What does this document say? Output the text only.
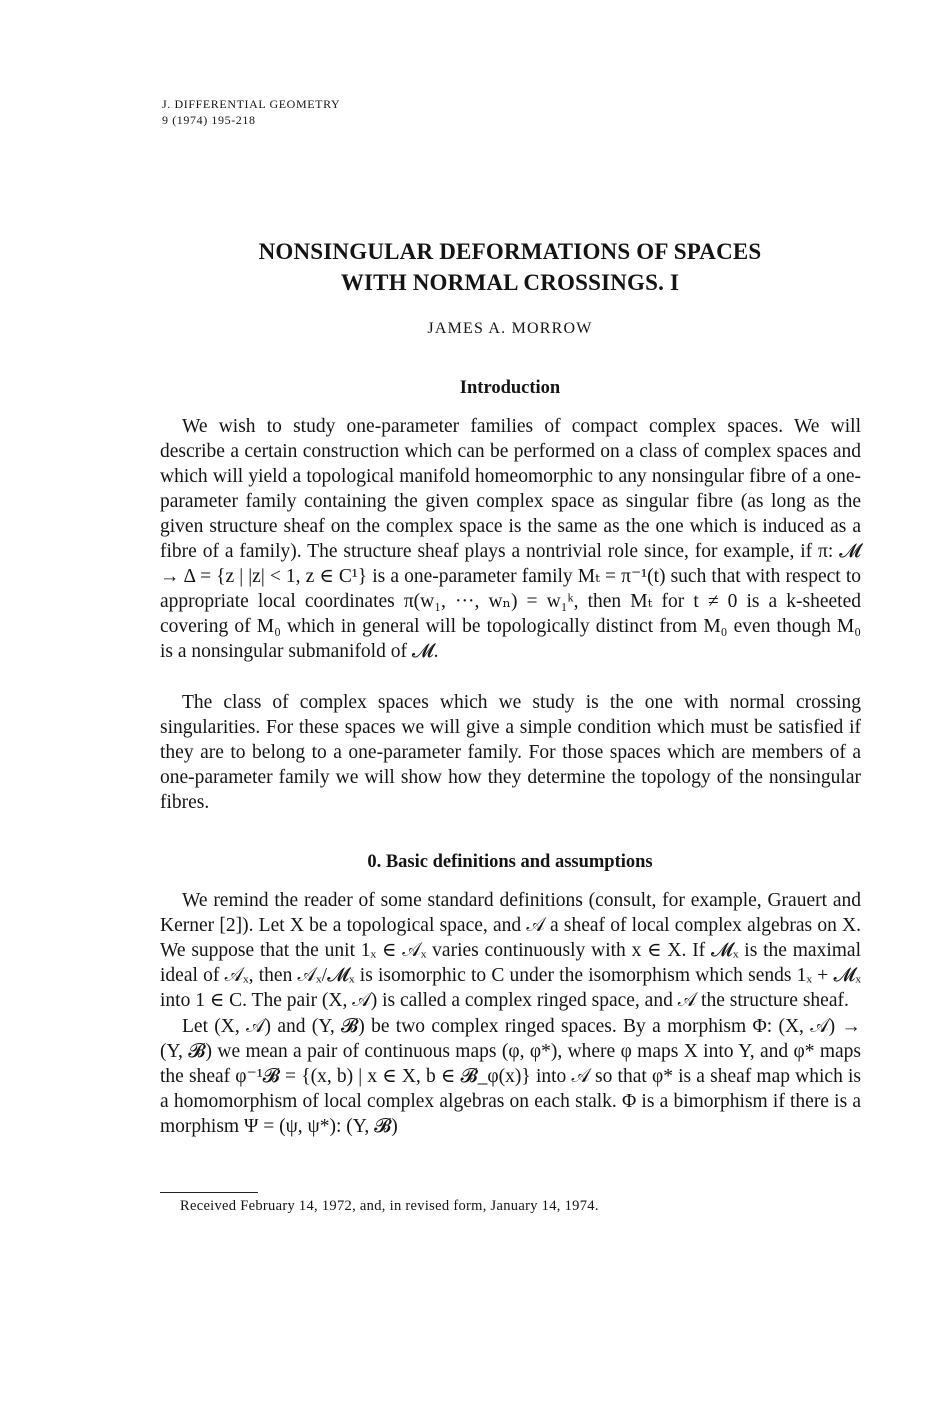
J. DIFFERENTIAL GEOMETRY
9 (1974) 195-218
NONSINGULAR DEFORMATIONS OF SPACES
WITH NORMAL CROSSINGS. I
JAMES A. MORROW
Introduction

We wish to study one-parameter families of compact complex spaces. We will describe a certain construction which can be performed on a class of complex spaces and which will yield a topological manifold homeomorphic to any nonsingular fibre of a one-parameter family containing the given complex space as singular fibre (as long as the given structure sheaf on the complex space is the same as the one which is induced as a fibre of a family). The structure sheaf plays a nontrivial role since, for example, if π: 𝓜 → Δ = {z | |z| < 1, z ∈ C¹} is a one-parameter family Mₜ = π⁻¹(t) such that with respect to appropriate local coordinates π(w₁, ···, wₙ) = w₁ᵏ, then Mₜ for t ≠ 0 is a k-sheeted covering of M₀ which in general will be topologically distinct from M₀ even though M₀ is a nonsingular submanifold of 𝓜.

The class of complex spaces which we study is the one with normal crossing singularities. For these spaces we will give a simple condition which must be satisfied if they are to belong to a one-parameter family. For those spaces which are members of a one-parameter family we will show how they determine the topology of the nonsingular fibres.

0. Basic definitions and assumptions

We remind the reader of some standard definitions (consult, for example, Grauert and Kerner [2]). Let X be a topological space, and 𝒜 a sheaf of local complex algebras on X. We suppose that the unit 1ₓ ∈ 𝒜ₓ varies continuously with x ∈ X. If 𝓜ₓ is the maximal ideal of 𝒜ₓ, then 𝒜ₓ/𝓜ₓ is isomorphic to C under the isomorphism which sends 1ₓ + 𝓜ₓ into 1 ∈ C. The pair (X, 𝒜) is called a complex ringed space, and 𝒜 the structure sheaf.

Let (X, 𝒜) and (Y, 𝓑) be two complex ringed spaces. By a morphism Φ: (X, 𝒜) → (Y, 𝓑) we mean a pair of continuous maps (φ, φ*), where φ maps X into Y, and φ* maps the sheaf φ⁻¹𝓑 = {(x, b) | x ∈ X, b ∈ 𝓑_φ(x)} into 𝒜 so that φ* is a sheaf map which is a homomorphism of local complex algebras on each stalk. Φ is a bimorphism if there is a morphism Ψ = (ψ, ψ*): (Y, 𝓑)

Received February 14, 1972, and, in revised form, January 14, 1974.
